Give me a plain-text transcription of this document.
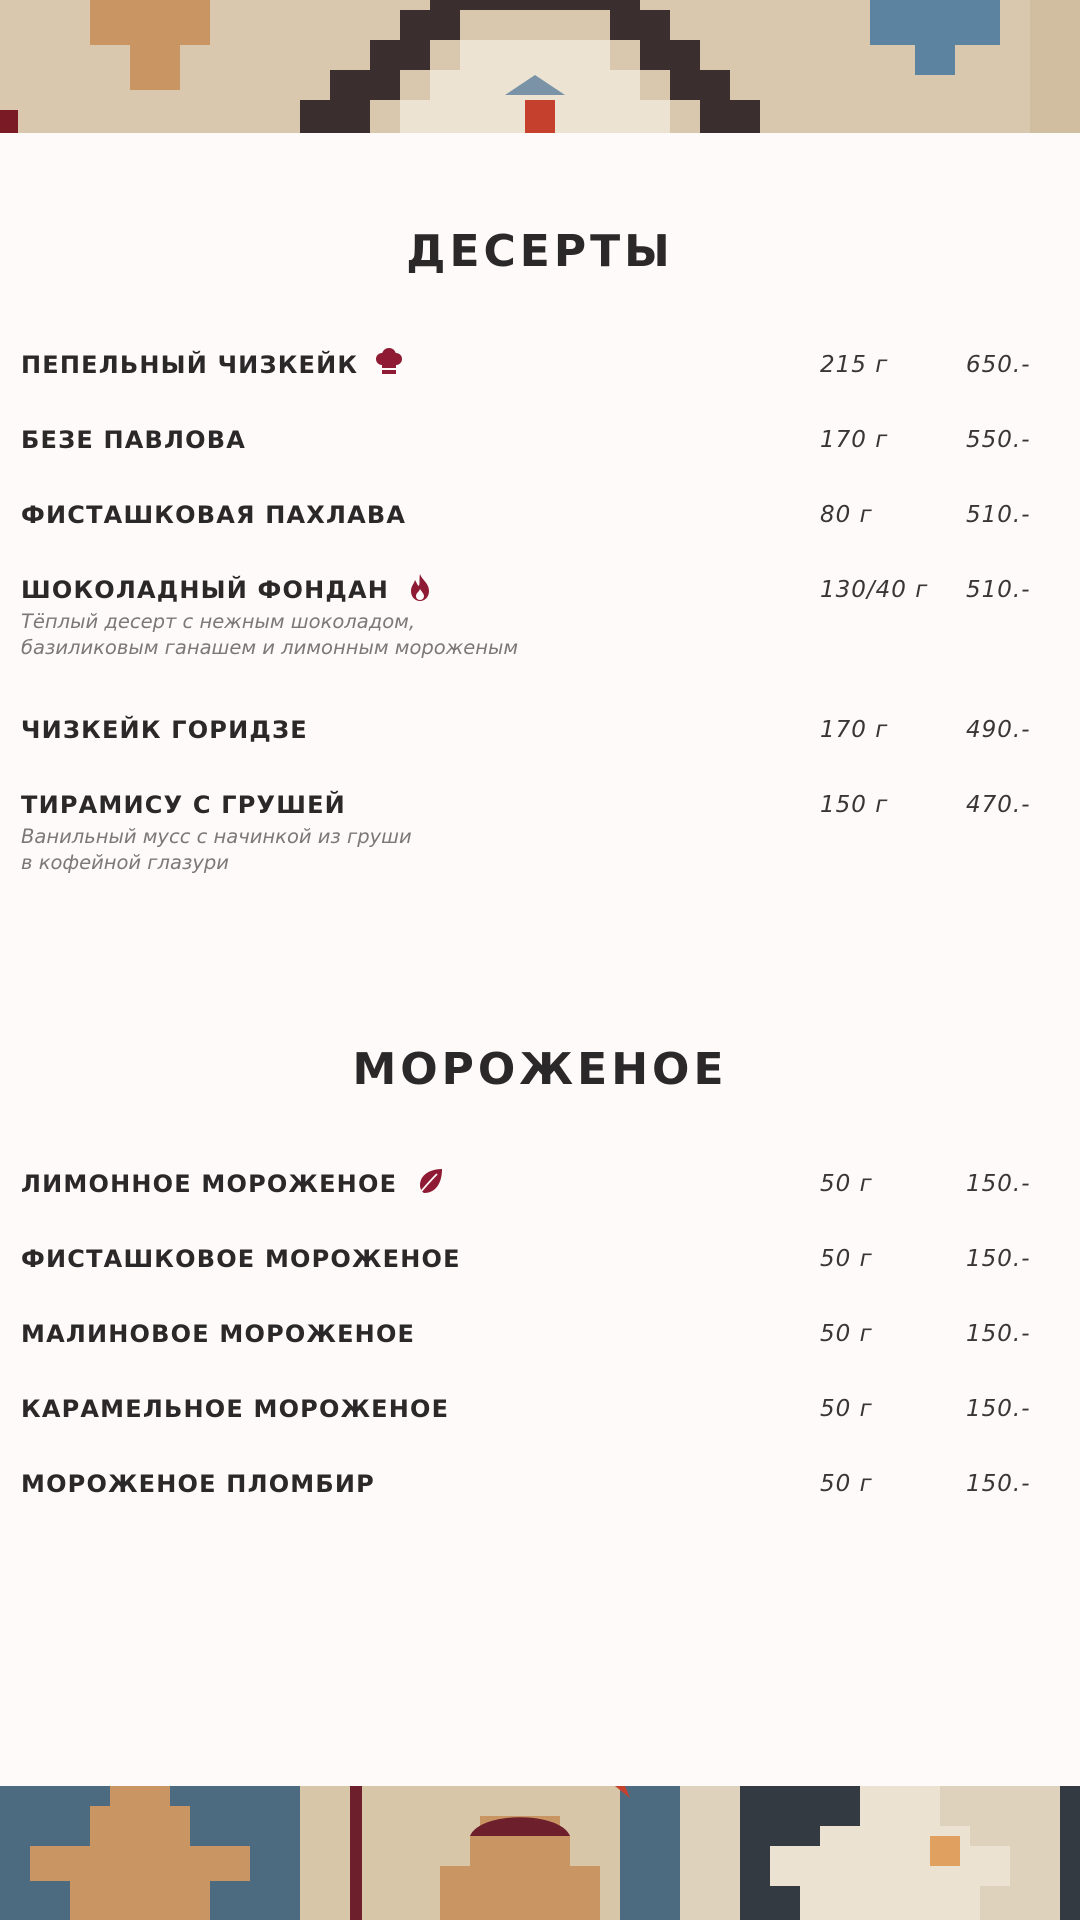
ДЕСЕРТЫ
ПЕПЕЛЬНЫЙ ЧИЗКЕЙК	215 г	650.-
БЕЗЕ ПАВЛОВА	170 г	550.-
ФИСТАШКОВАЯ ПАХЛАВА	80 г	510.-
ШОКОЛАДНЫЙ ФОНДАН	130/40 г 510.-

Тёплый десерт с нежным шоколадом,
базиликовым ганашем и лимонным мороженым

ЧИЗКЕЙК ГОРИДЗЕ	170 г	490.-
ТИРАМИСУ С ГРУШЕЙ	150 г	470.-

Ванильный мусс с начинкой из груши
в кофейной глазури

МОРОЖЕНОЕ
ЛИМОННОЕ МОРОЖЕНОЕ	50 г	150.-
ФИСТАШКОВОЕ МОРОЖЕНОЕ	50 г	150.-
МАЛИНОВОЕ МОРОЖЕНОЕ	50 г	150.-
КАРАМЕЛЬНОЕ МОРОЖЕНОЕ	50 г	150.-
МОРОЖЕНОЕ ПЛОМБИР	50 г	150.-
